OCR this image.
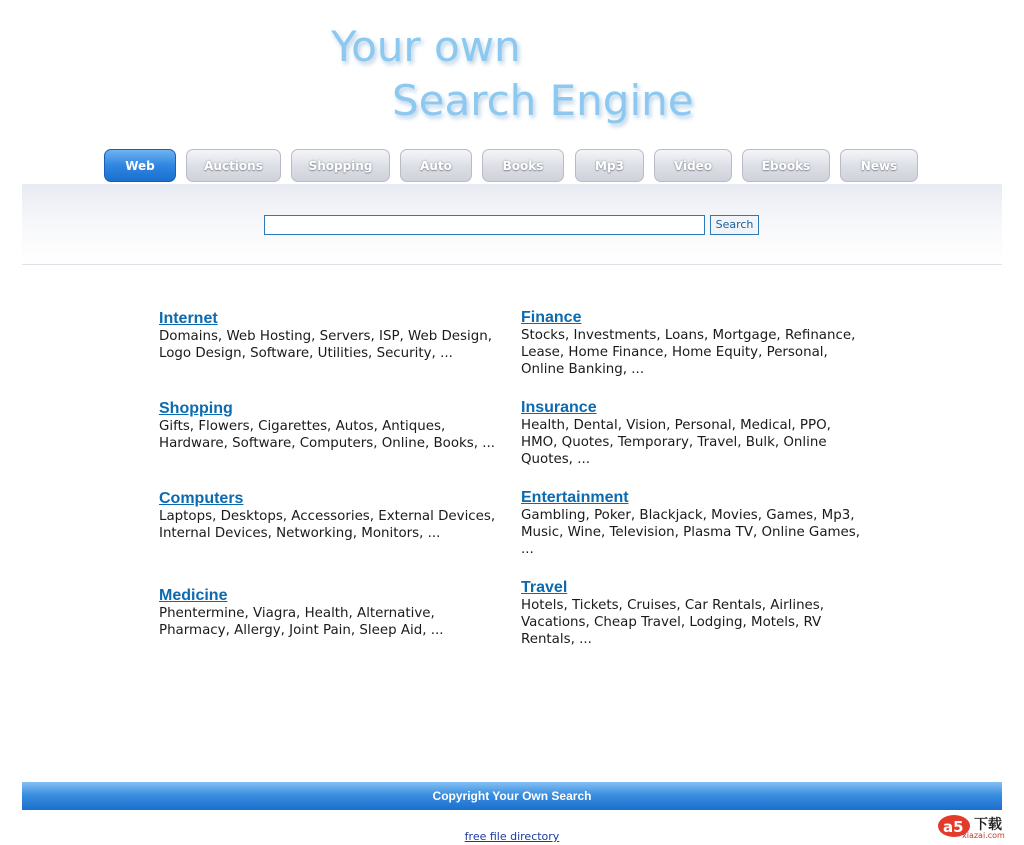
Your own
Search Engine
Web	Auctions	Shopping	Auto	Books	Mp3	Video	Ebooks	News
Search
Internet

Domains, Web Hosting, Servers, ISP, Web Design, Logo Design, Software, Utilities, Security, ...

Shopping

Gifts, Flowers, Cigarettes, Autos, Antiques, Hardware, Software, Computers, Online, Books, ...

Computers

Laptops, Desktops, Accessories, External Devices, Internal Devices, Networking, Monitors, ...

Medicine

Phentermine, Viagra, Health, Alternative, Pharmacy, Allergy, Joint Pain, Sleep Aid, ...

Finance

Stocks, Investments, Loans, Mortgage, Refinance, Lease, Home Finance, Home Equity, Personal, Online Banking, ...

Insurance

Health, Dental, Vision, Personal, Medical, PPO, HMO, Quotes, Temporary, Travel, Bulk, Online Quotes, ...

Entertainment

Gambling, Poker, Blackjack, Movies, Games, Mp3, Music, Wine, Television, Plasma TV, Online Games, ...

Travel

Hotels, Tickets, Cruises, Car Rentals, Airlines, Vacations, Cheap Travel, Lodging, Motels, RV Rentals, ...

Copyright Your Own Search
free file directory
a5 下载
xiazai.com
